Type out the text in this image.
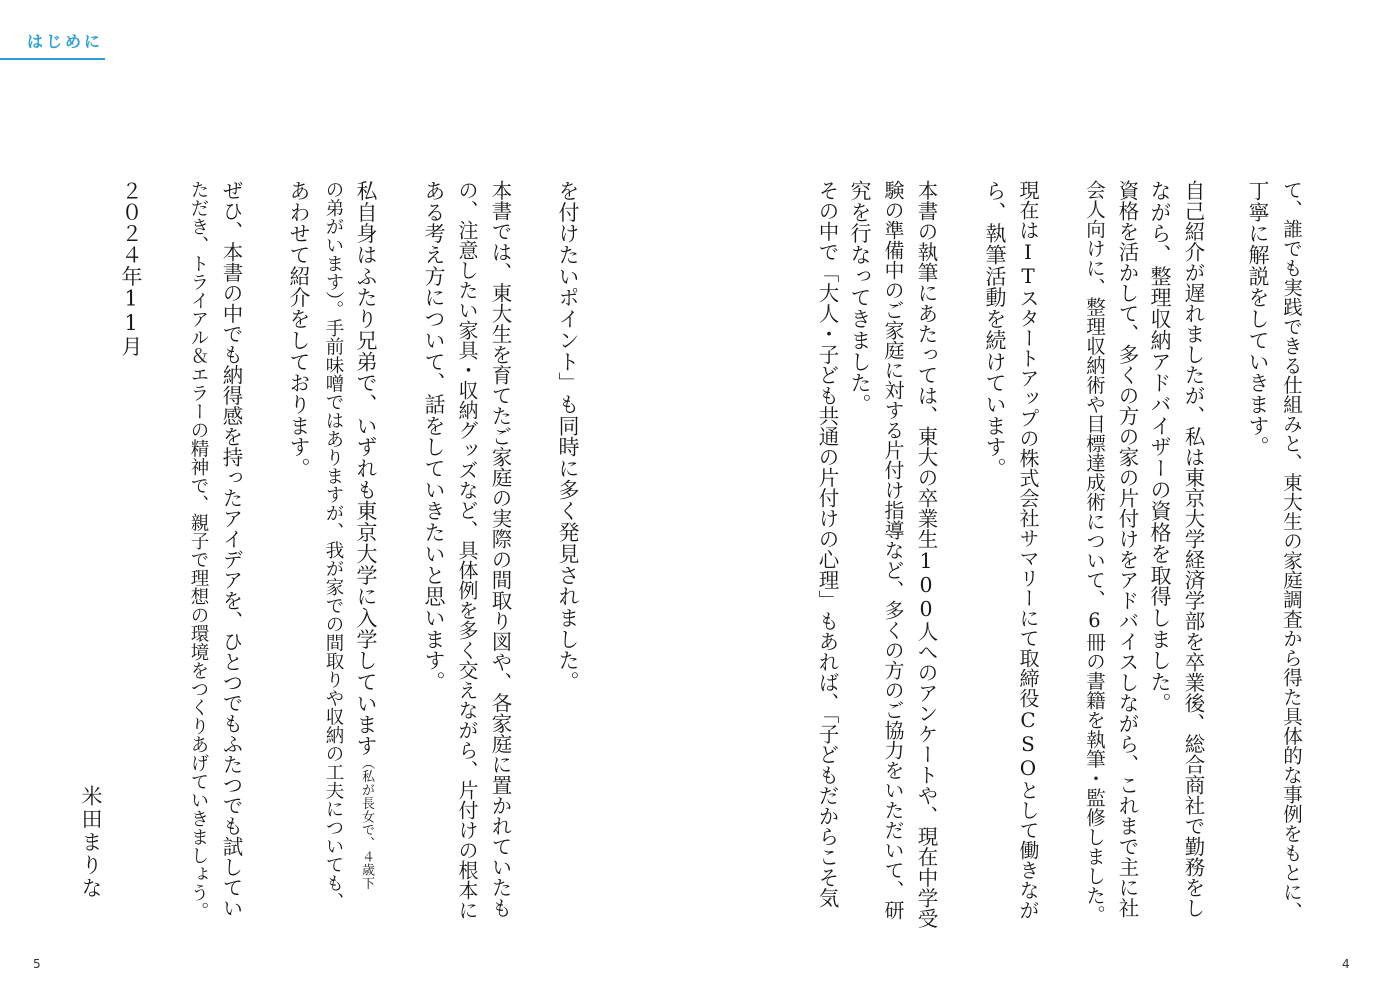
はじめに
5	4
て、誰でも実践できる仕組みと、東大生の家庭調査から得た具体的な事例をもとに、
丁寧に解説をしていきます。
自己紹介が遅れましたが、私は東京大学経済学部を卒業後、総合商社で勤務をし
ながら、整理収納アドバイザーの資格を取得しました。
資格を活かして、多くの方の家の片付けをアドバイスしながら、これまで主に社
会人向けに、整理収納術や目標達成術について、6冊の書籍を執筆・監修しました。
現在はITスタートアップの株式会社サマリーにて取締役CSOとして働きなが
ら、執筆活動を続けています。
本書の執筆にあたっては、東大の卒業生100人へのアンケートや、現在中学受
験の準備中のご家庭に対する片付け指導など、多くの方のご協力をいただいて、研
究を行なってきました。
その中で「大人・子ども共通の片付けの心理」もあれば、「子どもだからこそ気
を付けたいポイント」も同時に多く発見されました。
本書では、東大生を育てたご家庭の実際の間取り図や、各家庭に置かれていたも
の、注意したい家具・収納グッズなど、具体例を多く交えながら、片付けの根本に
ある考え方について、話をしていきたいと思います。
私自身はふたり兄弟で、いずれも東京大学に入学しています（私が長女で、４歳下
の弟がいます）。手前味噌ではありますが、我が家での間取りや収納の工夫についても、
あわせて紹介をしております。
ぜひ、本書の中でも納得感を持ったアイデアを、ひとつでもふたつでも試してい
ただき、トライアル＆エラーの精神で、親子で理想の環境をつくりあげていきましょう。
２０２４年11月
米田まりな
